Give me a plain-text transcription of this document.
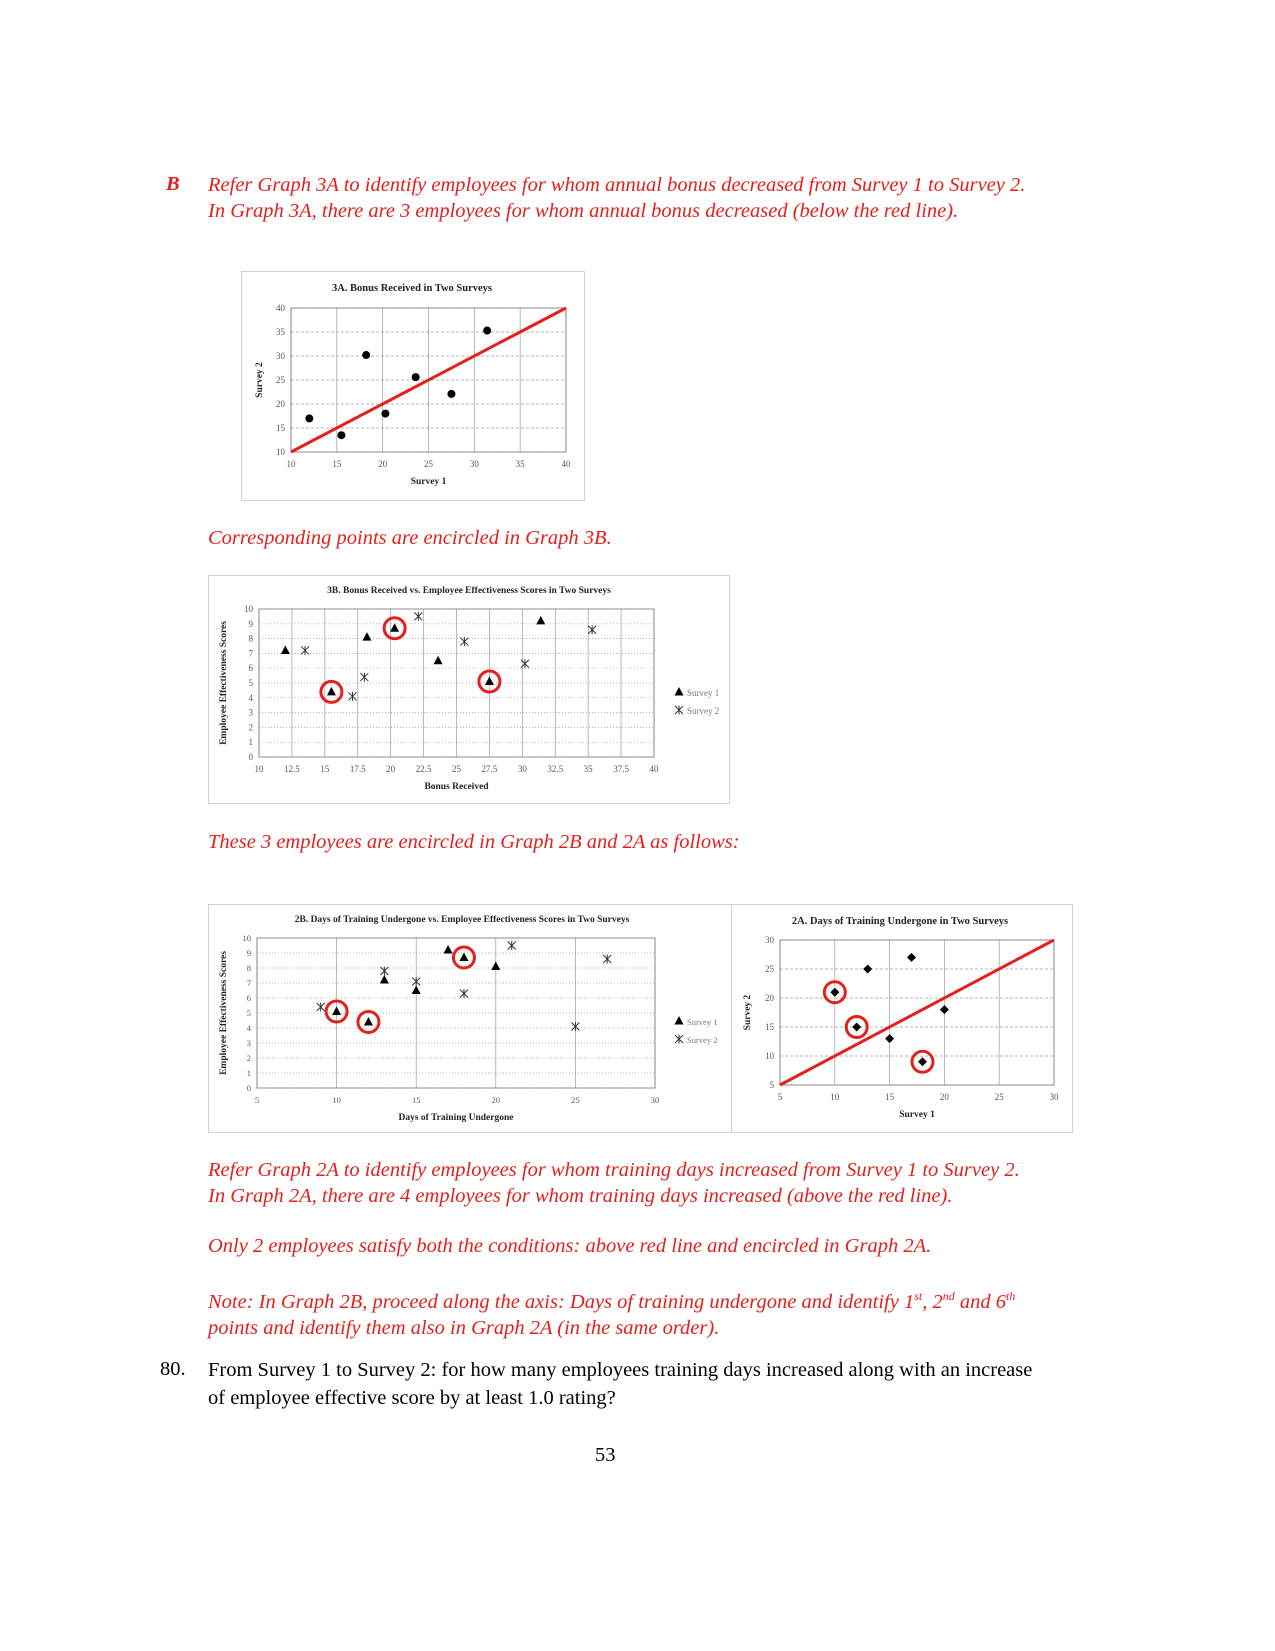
B Refer Graph 3A to identify employees for whom annual bonus decreased from Survey 1 to Survey 2.
In Graph 3A, there are 3 employees for whom annual bonus decreased (below the red line).
3A. Bonus Received in Two Surveys
10	15	20	25	30	35	40
10
15
20
25
30
35
40
Survey 1
Survey 2
Corresponding points are encircled in Graph 3B.
3B. Bonus Received vs. Employee Effectiveness Scores in Two Surveys
10 12.5 15 17.5 20 22.5 25 27.5 30 32.5 35 37.5 40
0
1
2
3
4
5
6
7
8
9
10
Bonus Received
Employee Effectiveness Scores	Survey 1
Survey 2
These 3 employees are encircled in Graph 2B and 2A as follows:
2B. Days of Training Undergone vs. Employee Effectiveness Scores in Two Surveys
5	10	15	20	25	30
0
1
2
3
4
5
6
7
8
9
10
Days of Training Undergone
Employee Effectiveness Scores	Survey 1
Survey 2
2A. Days of Training Undergone in Two Surveys
5	10	15	20	25	30
5
10
15
20
25
30
Survey 1
Survey 2
Refer Graph 2A to identify employees for whom training days increased from Survey 1 to Survey 2.
In Graph 2A, there are 4 employees for whom training days increased (above the red line).
Only 2 employees satisfy both the conditions: above red line and encircled in Graph 2A.
Note: In Graph 2B, proceed along the axis: Days of training undergone and identify 1st, 2nd and 6th
points and identify them also in Graph 2A (in the same order).
80. From Survey 1 to Survey 2: for how many employees training days increased along with an increase
of employee effective score by at least 1.0 rating?
53
